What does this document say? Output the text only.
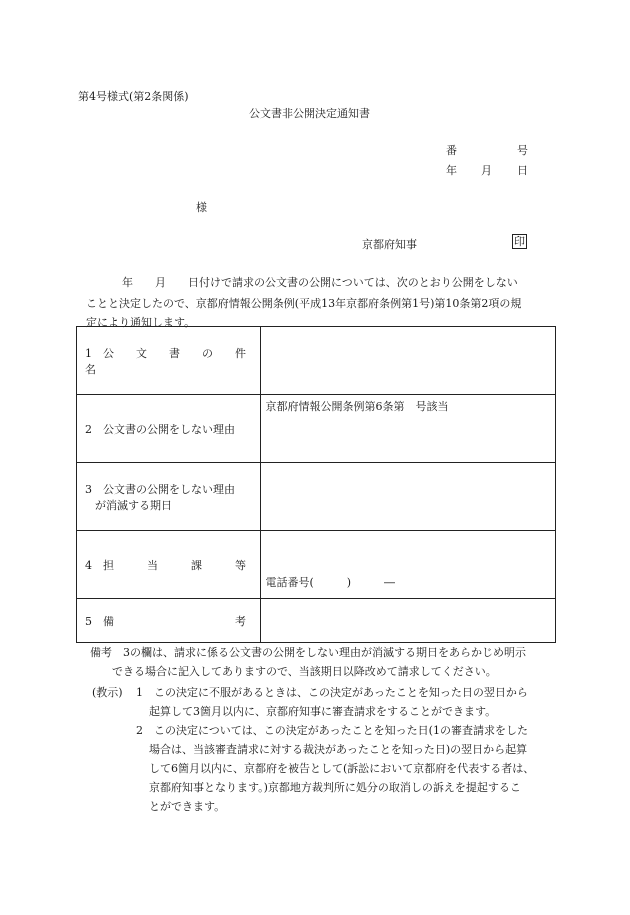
第4号様式(第2条関係)
公文書非公開決定通知書
番	号
年 月 日
様
京都府知事	印
年　　月　　日付けで請求の公文書の公開については、次のとおり公開をしない
ことと決定したので、京都府情報公開条例(平成13年京都府条例第1号)第10条第2項の規
定により通知します。
1　公　　文　　書　　の　　件　　名	
2　公文書の公開をしない理由	京都府情報公開条例第6条第　号該当

3　公文書の公開をしない理由
が消滅する期日	

4　担　　　当　　　課　　　等	電話番号(　　　)　　　―
5　備　　　　　　　　　　　考	
備考　3の欄は、請求に係る公文書の公開をしない理由が消滅する期日をあらかじめ明示
できる場合に記入してありますので、当該期日以降改めて請求してください。
(教示) 1　この決定に不服があるときは、この決定があったことを知った日の翌日から
起算して3箇月以内に、京都府知事に審査請求をすることができます。
2　この決定については、この決定があったことを知った日(1の審査請求をした
場合は、当該審査請求に対する裁決があったことを知った日)の翌日から起算
して6箇月以内に、京都府を被告として(訴訟において京都府を代表する者は、
京都府知事となります。)京都地方裁判所に処分の取消しの訴えを提起するこ
とができます。
